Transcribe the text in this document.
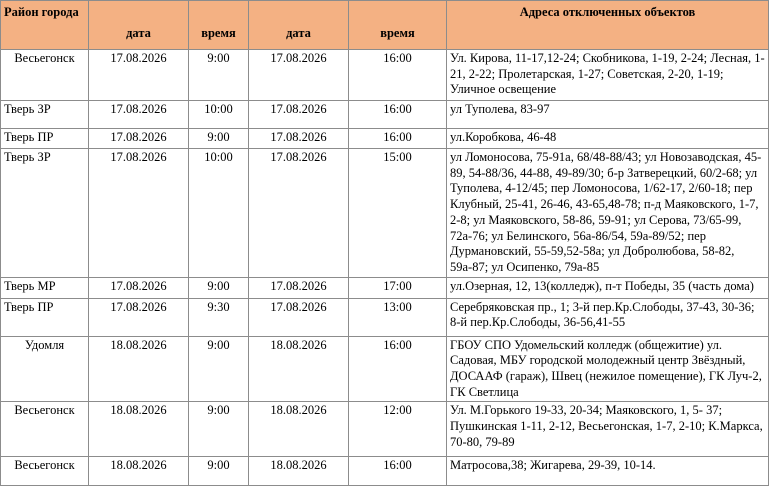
Район города	дата	время	дата	время	Адреса отключенных объектов
Весьегонск	17.08.2026	9:00	17.08.2026	16:00	Ул. Кирова, 11-17,12-24; Скобникова, 1-19, 2-24; Лесная, 1-21, 2-22; Пролетарская, 1-27; Советская, 2-20, 1-19; Уличное освещение
Тверь ЗР	17.08.2026	10:00	17.08.2026	16:00	ул Туполева, 83-97
Тверь ПР	17.08.2026	9:00	17.08.2026	16:00	ул.Коробкова, 46-48
Тверь ЗР	17.08.2026	10:00	17.08.2026	15:00	ул Ломоносова, 75-91а, 68/48-88/43; ул Новозаводская, 45-89, 54-88/36, 44-88, 49-89/30; б-р Затверецкий, 60/2-68; ул Туполева, 4-12/45; пер Ломоносова, 1/62-17, 2/60-18; пер Клубный, 25-41, 26-46, 43-65,48-78; п-д Маяковского, 1-7, 2-8; ул Маяковского, 58-86, 59-91; ул Серова, 73/65-99, 72а-76; ул Белинского, 56а-86/54, 59а-89/52; пер Дурмановский, 55-59,52-58а; ул Добролюбова, 58-82, 59а-87; ул Осипенко, 79а-85
Тверь МР	17.08.2026	9:00	17.08.2026	17:00	ул.Озерная, 12, 13(колледж), п-т Победы, 35 (часть дома)
Тверь ПР	17.08.2026	9:30	17.08.2026	13:00	Серебряковская пр., 1; 3-й пер.Кр.Слободы, 37-43, 30-36; 8-й пер.Кр.Слободы, 36-56,41-55
Удомля	18.08.2026	9:00	18.08.2026	16:00	ГБОУ СПО Удомельский колледж (общежитие) ул. Садовая, МБУ городской молодежный центр Звёздный, ДОСААФ (гараж), Швец (нежилое помещение), ГК Луч-2, ГК Светлица
Весьегонск	18.08.2026	9:00	18.08.2026	12:00	Ул. М.Горького 19-33, 20-34; Маяковского, 1, 5- 37; Пушкинская 1-11, 2-12, Весьегонская, 1-7, 2-10; К.Маркса, 70-80, 79-89
Весьегонск	18.08.2026	9:00	18.08.2026	16:00	Матросова,38; Жигарева, 29-39, 10-14.
